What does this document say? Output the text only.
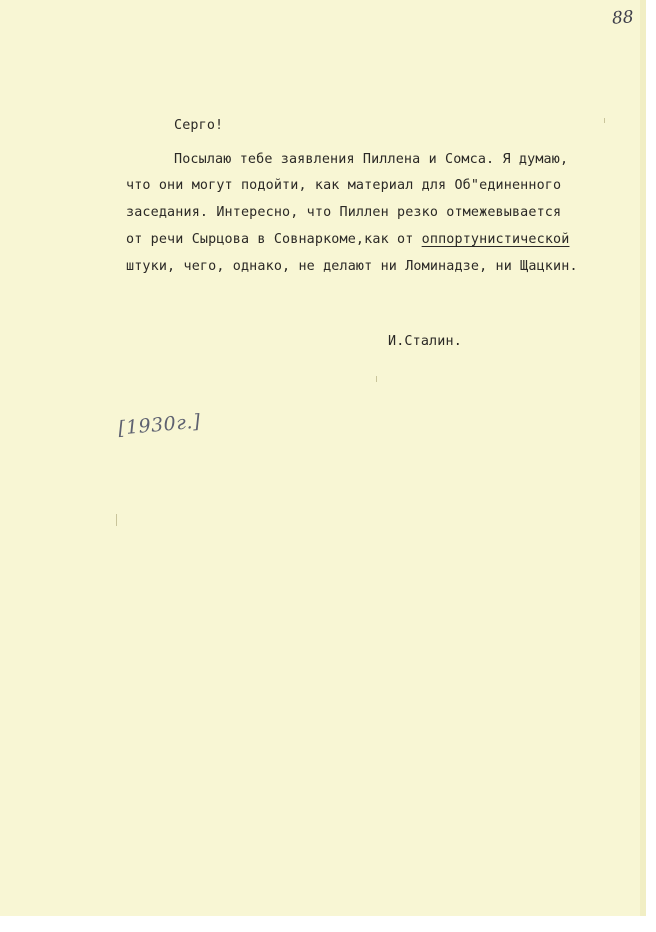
88
Серго!
Посылаю тебе заявления Пиллена и Сомса. Я думаю,
что они могут подойти, как материал для Об"единенного
заседания. Интересно, что Пиллен резко отмежевывается
от речи Сырцова в Совнаркоме,как от оппортунистической
штуки, чего, однако, не делают ни Ломинадзе, ни Щацкин.
И.Сталин.
[1930г.]
